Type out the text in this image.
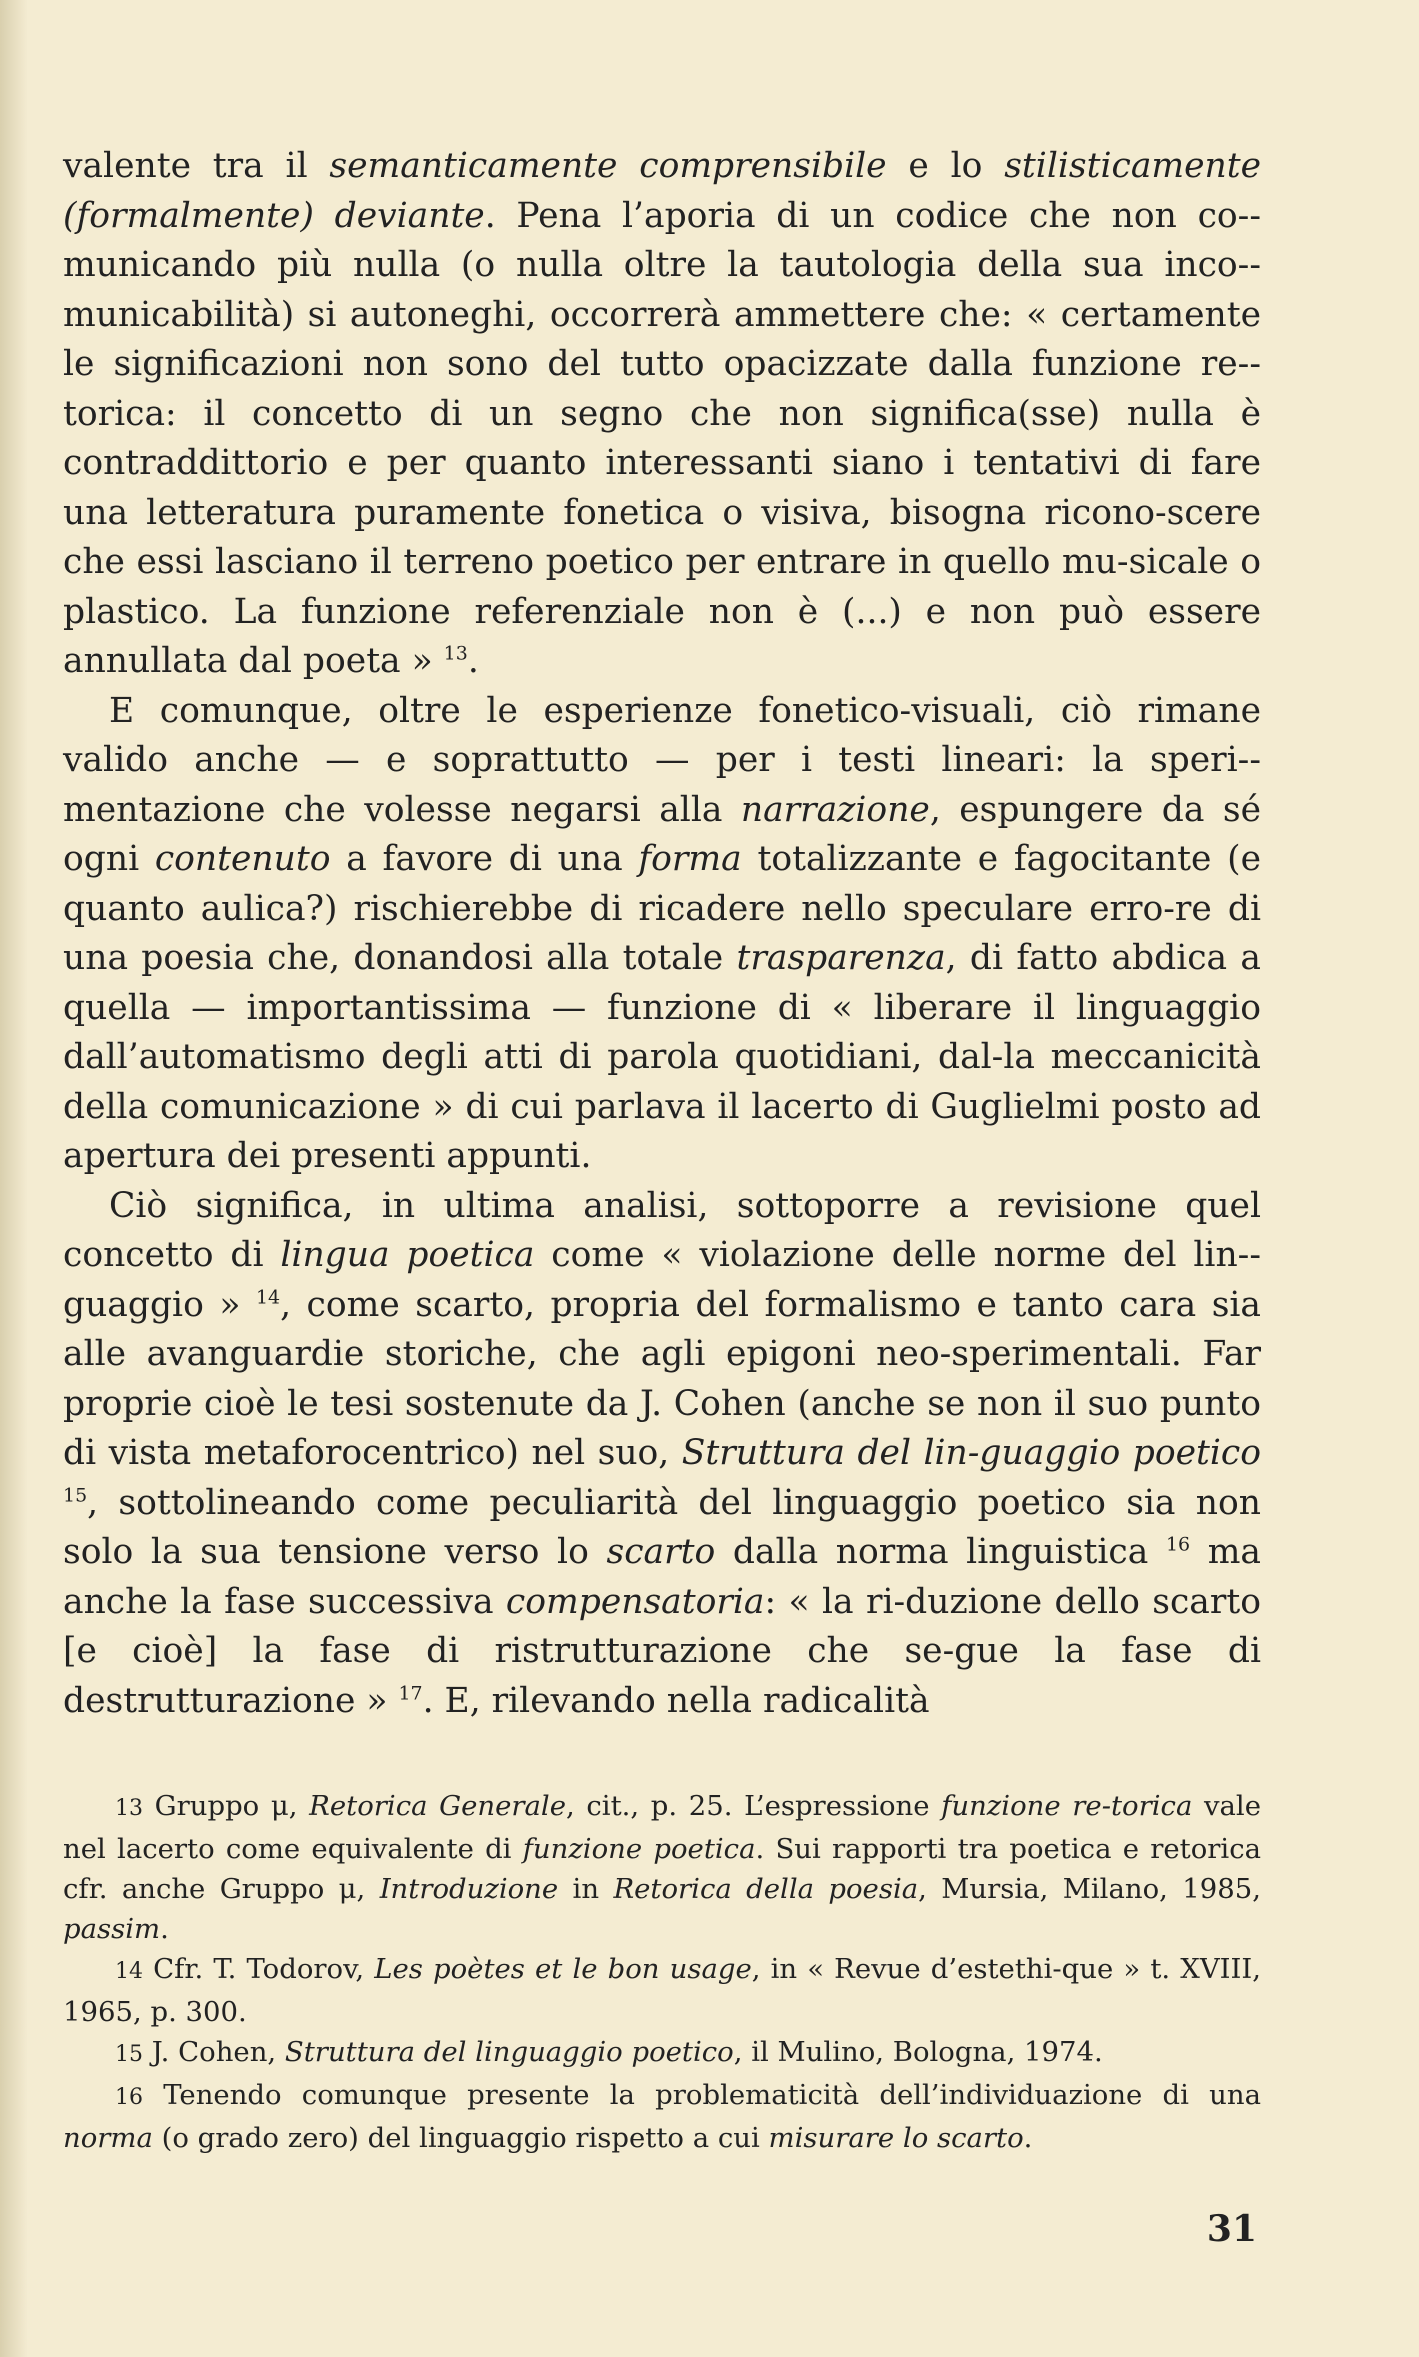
valente tra il semanticamente comprensibile e lo stilisticamente (formalmente) deviante. Pena l’aporia di un codice che non co-municando più nulla (o nulla oltre la tautologia della sua inco-municabilità) si autoneghi, occorrerà ammettere che: « certamente le significazioni non sono del tutto opacizzate dalla funzione re-torica: il concetto di un segno che non significa(sse) nulla è contraddittorio e per quanto interessanti siano i tentativi di fare una letteratura puramente fonetica o visiva, bisogna ricono-scere che essi lasciano il terreno poetico per entrare in quello mu-sicale o plastico. La funzione referenziale non è (...) e non può essere annullata dal poeta » $^{13}$.

E comunque, oltre le esperienze fonetico-visuali, ciò rimane valido anche — e soprattutto — per i testi lineari: la speri-mentazione che volesse negarsi alla narrazione, espungere da sé ogni contenuto a favore di una forma totalizzante e fagocitante (e quanto aulica?) rischierebbe di ricadere nello speculare erro-re di una poesia che, donandosi alla totale trasparenza, di fatto abdica a quella — importantissima — funzione di « liberare il linguaggio dall’automatismo degli atti di parola quotidiani, dal-la meccanicità della comunicazione » di cui parlava il lacerto di Guglielmi posto ad apertura dei presenti appunti.

Ciò significa, in ultima analisi, sottoporre a revisione quel concetto di lingua poetica come « violazione delle norme del lin-guaggio » $^{14}$, come scarto, propria del formalismo e tanto cara sia alle avanguardie storiche, che agli epigoni neo-sperimentali. Far proprie cioè le tesi sostenute da J. Cohen (anche se non il suo punto di vista metaforocentrico) nel suo, Struttura del lin-guaggio poetico $^{15}$, sottolineando come peculiarità del linguaggio poetico sia non solo la sua tensione verso lo scarto dalla norma linguistica $^{16}$ ma anche la fase successiva compensatoria: « la ri-duzione dello scarto [e cioè] la fase di ristrutturazione che se-gue la fase di destrutturazione » $^{17}$. E, rilevando nella radicalità

13 Gruppo μ, Retorica Generale, cit., p. 25. L’espressione funzione re-torica vale nel lacerto come equivalente di funzione poetica. Sui rapporti tra poetica e retorica cfr. anche Gruppo μ, Introduzione in Retorica della poesia, Mursia, Milano, 1985, passim.

14 Cfr. T. Todorov, Les poètes et le bon usage, in « Revue d’estethi-que » t. XVIII, 1965, p. 300.

15 J. Cohen, Struttura del linguaggio poetico, il Mulino, Bologna, 1974.

16 Tenendo comunque presente la problematicità dell’individuazione di una norma (o grado zero) del linguaggio rispetto a cui misurare lo scarto.

31
